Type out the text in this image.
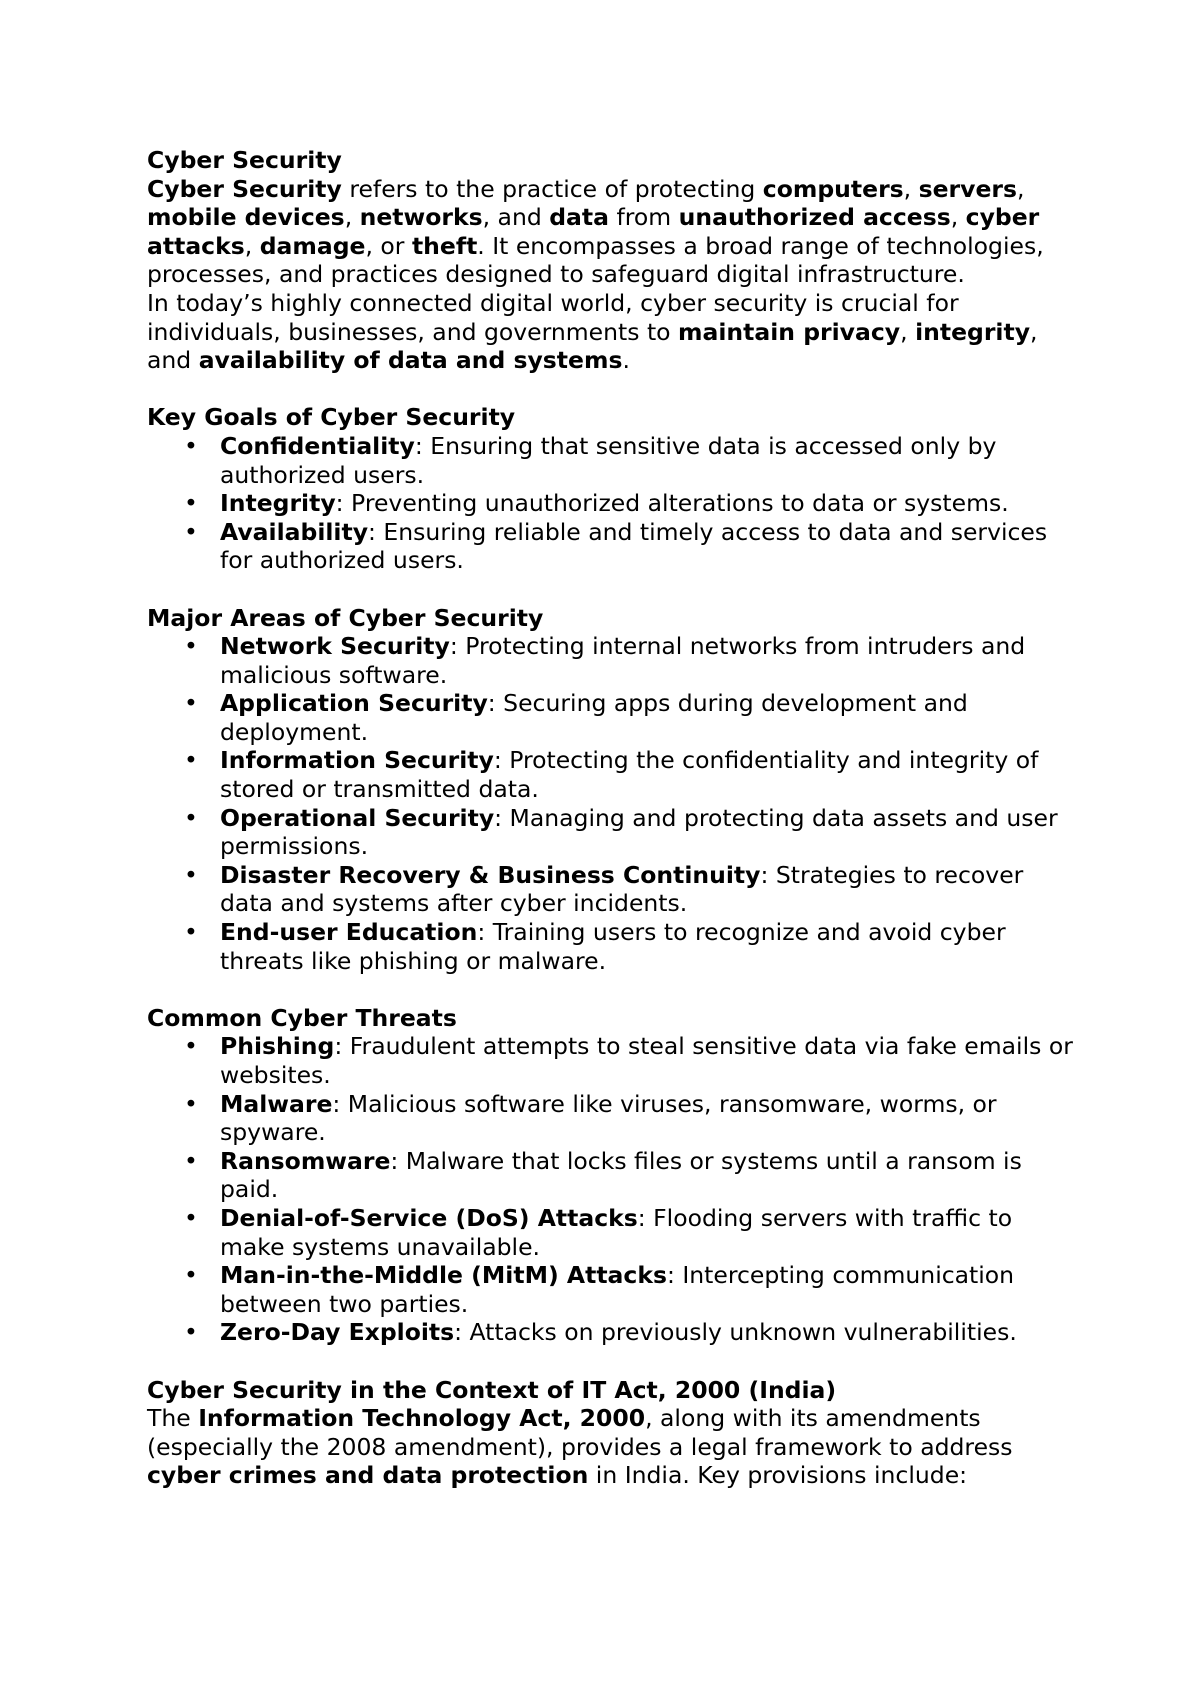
Cyber Security

Cyber Security refers to the practice of protecting computers, servers, mobile devices, networks, and data from unauthorized access, cyber attacks, damage, or theft. It encompasses a broad range of technologies, processes, and practices designed to safeguard digital infrastructure.

In today’s highly connected digital world, cyber security is crucial for individuals, businesses, and governments to maintain privacy, integrity, and availability of data and systems.

Key Goals of Cyber Security

• Confidentiality: Ensuring that sensitive data is accessed only by authorized users.
• Integrity: Preventing unauthorized alterations to data or systems.
• Availability: Ensuring reliable and timely access to data and services for authorized users.

Major Areas of Cyber Security

• Network Security: Protecting internal networks from intruders and malicious software.
• Application Security: Securing apps during development and deployment.
• Information Security: Protecting the confidentiality and integrity of stored or transmitted data.
• Operational Security: Managing and protecting data assets and user permissions.
• Disaster Recovery & Business Continuity: Strategies to recover data and systems after cyber incidents.
• End-user Education: Training users to recognize and avoid cyber threats like phishing or malware.

Common Cyber Threats

• Phishing: Fraudulent attempts to steal sensitive data via fake emails or websites.
• Malware: Malicious software like viruses, ransomware, worms, or spyware.
• Ransomware: Malware that locks files or systems until a ransom is paid.
• Denial-of-Service (DoS) Attacks: Flooding servers with traffic to make systems unavailable.
• Man-in-the-Middle (MitM) Attacks: Intercepting communication between two parties.
• Zero-Day Exploits: Attacks on previously unknown vulnerabilities.

Cyber Security in the Context of IT Act, 2000 (India)

The Information Technology Act, 2000, along with its amendments (especially the 2008 amendment), provides a legal framework to address cyber crimes and data protection in India. Key provisions include:
